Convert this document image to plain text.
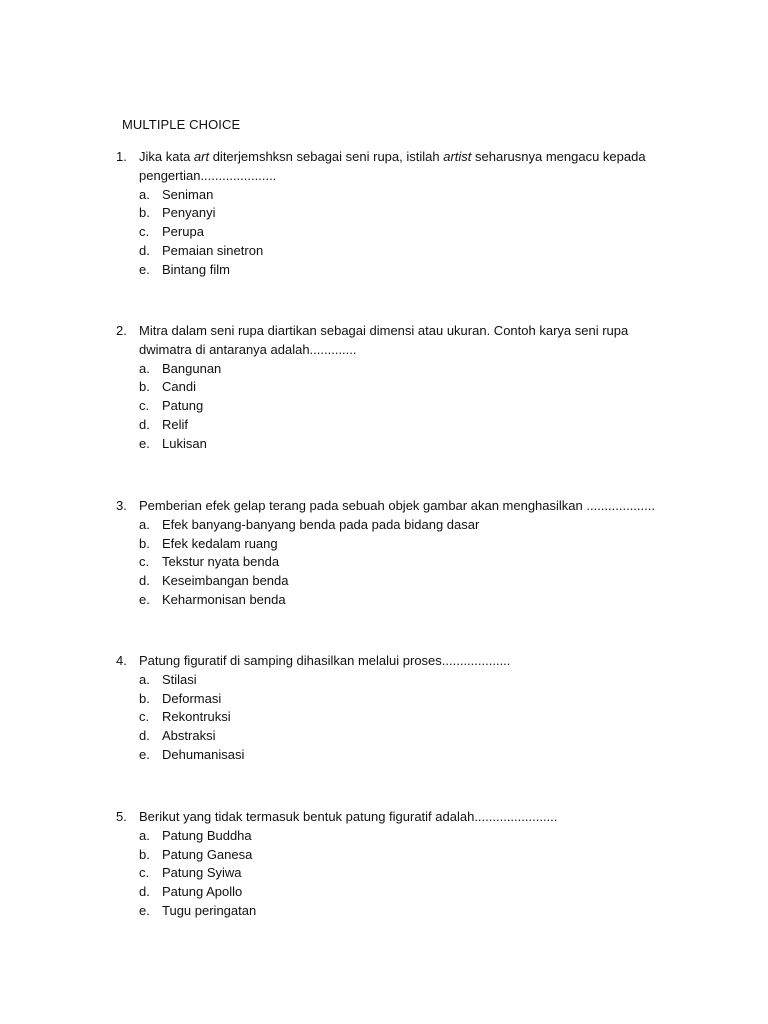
MULTIPLE CHOICE
1. Jika kata art diterjemshksn sebagai seni rupa, istilah artist seharusnya mengacu kepada
pengertian.....................
a. Seniman
b. Penyanyi
c. Perupa
d. Pemaian sinetron
e. Bintang film
2. Mitra dalam seni rupa diartikan sebagai dimensi atau ukuran. Contoh karya seni rupa
dwimatra di antaranya adalah.............
a. Bangunan
b. Candi
c. Patung
d. Relif
e. Lukisan
3. Pemberian efek gelap terang pada sebuah objek gambar akan menghasilkan ...................
a. Efek banyang-banyang benda pada pada bidang dasar
b. Efek kedalam ruang
c. Tekstur nyata benda
d. Keseimbangan benda
e. Keharmonisan benda
4. Patung figuratif di samping dihasilkan melalui proses...................
a. Stilasi
b. Deformasi
c. Rekontruksi
d. Abstraksi
e. Dehumanisasi
5. Berikut yang tidak termasuk bentuk patung figuratif adalah.......................
a. Patung Buddha
b. Patung Ganesa
c. Patung Syiwa
d. Patung Apollo
e. Tugu peringatan
